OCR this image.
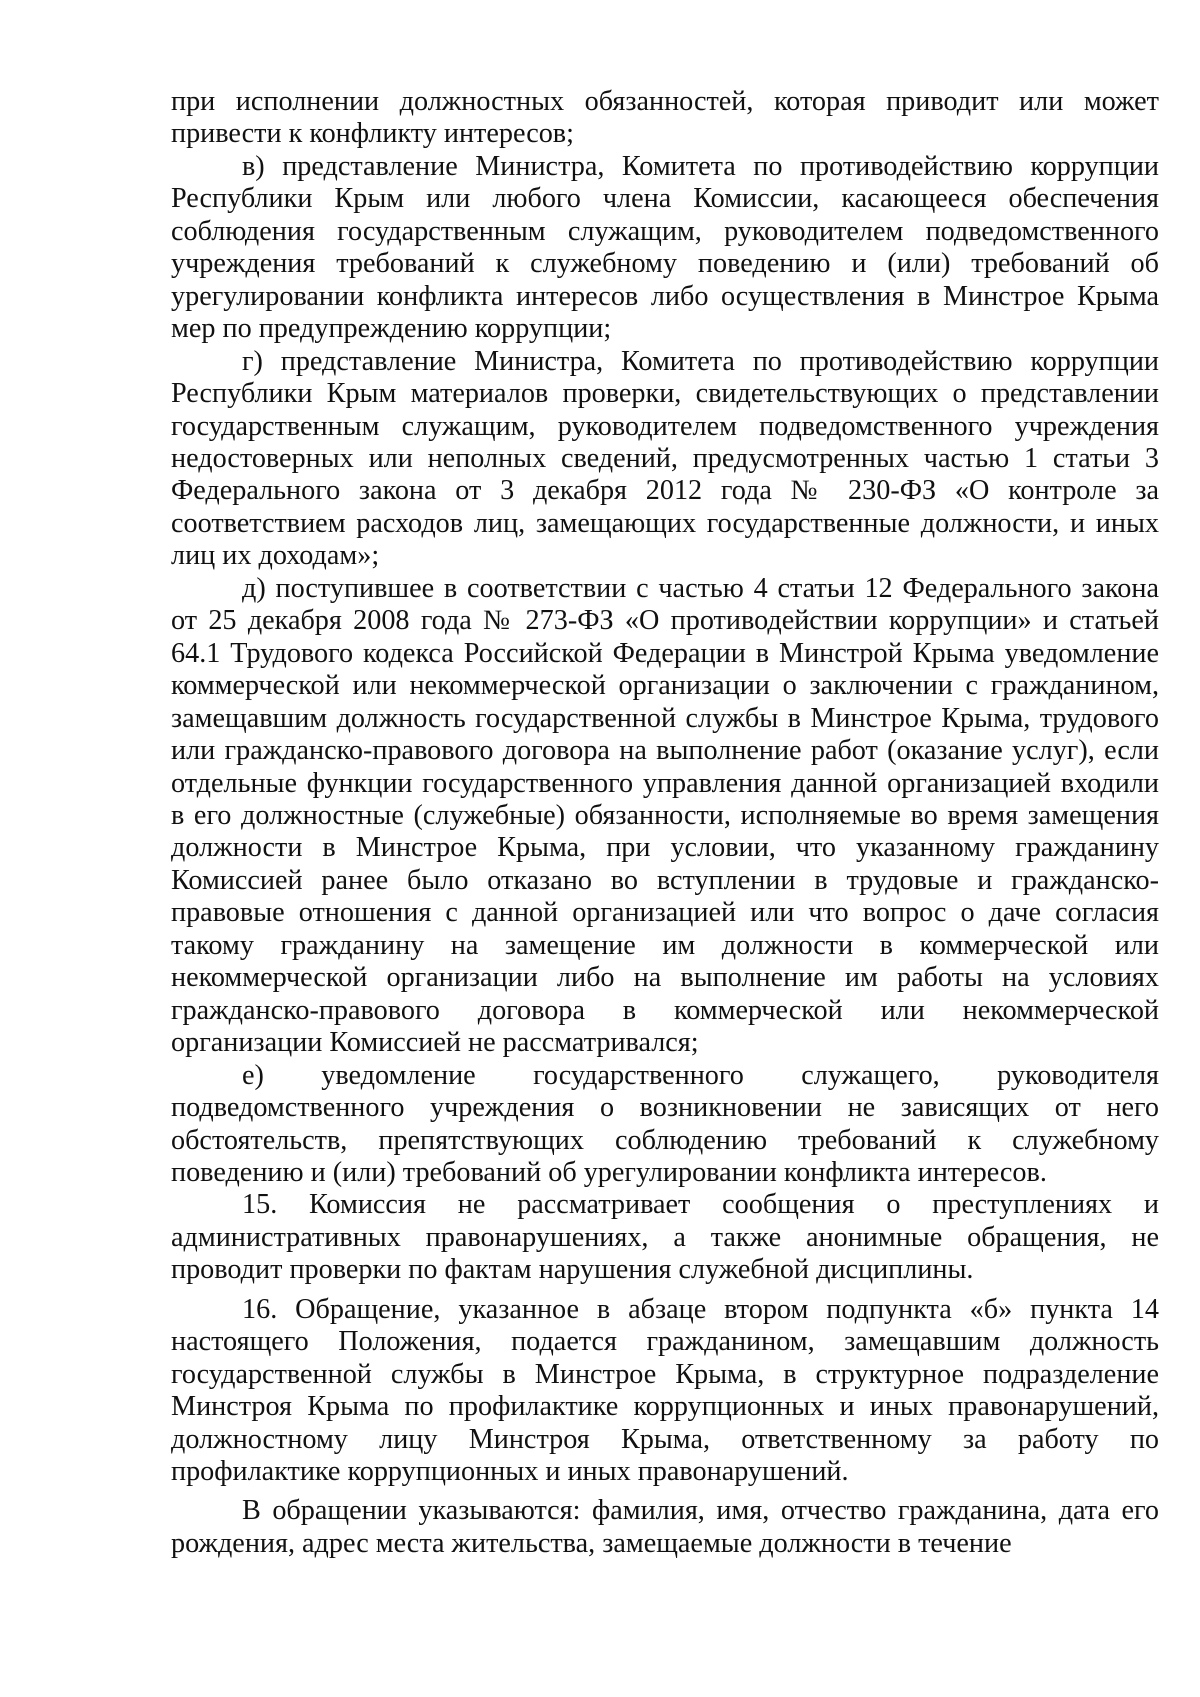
при исполнении должностных обязанностей, которая приводит или может привести к конфликту интересов;

в) представление Министра, Комитета по противодействию коррупции Республики Крым или любого члена Комиссии, касающееся обеспечения соблюдения государственным служащим, руководителем подведомственного учреждения требований к служебному поведению и (или) требований об урегулировании конфликта интересов либо осуществления в Минстрое Крыма мер по предупреждению коррупции;

г) представление Министра, Комитета по противодействию коррупции Республики Крым материалов проверки, свидетельствующих о представлении государственным служащим, руководителем подведомственного учреждения недостоверных или неполных сведений, предусмотренных частью 1 статьи 3 Федерального закона от 3 декабря 2012 года № 230-ФЗ «О контроле за соответствием расходов лиц, замещающих государственные должности, и иных лиц их доходам»;

д) поступившее в соответствии с частью 4 статьи 12 Федерального закона от 25 декабря 2008 года № 273-ФЗ «О противодействии коррупции» и статьей 64.1 Трудового кодекса Российской Федерации в Минстрой Крыма уведомление коммерческой или некоммерческой организации о заключении с гражданином, замещавшим должность государственной службы в Минстрое Крыма, трудового или гражданско-правового договора на выполнение работ (оказание услуг), если отдельные функции государственного управления данной организацией входили в его должностные (служебные) обязанности, исполняемые во время замещения должности в Минстрое Крыма, при условии, что указанному гражданину Комиссией ранее было отказано во вступлении в трудовые и гражданско-правовые отношения с данной организацией или что вопрос о даче согласия такому гражданину на замещение им должности в коммерческой или некоммерческой организации либо на выполнение им работы на условиях гражданско-правового договора в коммерческой или некоммерческой организации Комиссией не рассматривался;

е) уведомление государственного служащего, руководителя подведомственного учреждения о возникновении не зависящих от него обстоятельств, препятствующих соблюдению требований к служебному поведению и (или) требований об урегулировании конфликта интересов.

15. Комиссия не рассматривает сообщения о преступлениях и административных правонарушениях, а также анонимные обращения, не проводит проверки по фактам нарушения служебной дисциплины.

16. Обращение, указанное в абзаце втором подпункта «б» пункта 14 настоящего Положения, подается гражданином, замещавшим должность государственной службы в Минстрое Крыма, в структурное подразделение Минстроя Крыма по профилактике коррупционных и иных правонарушений, должностному лицу Минстроя Крыма, ответственному за работу по профилактике коррупционных и иных правонарушений.

В обращении указываются: фамилия, имя, отчество гражданина, дата его рождения, адрес места жительства, замещаемые должности в течение
